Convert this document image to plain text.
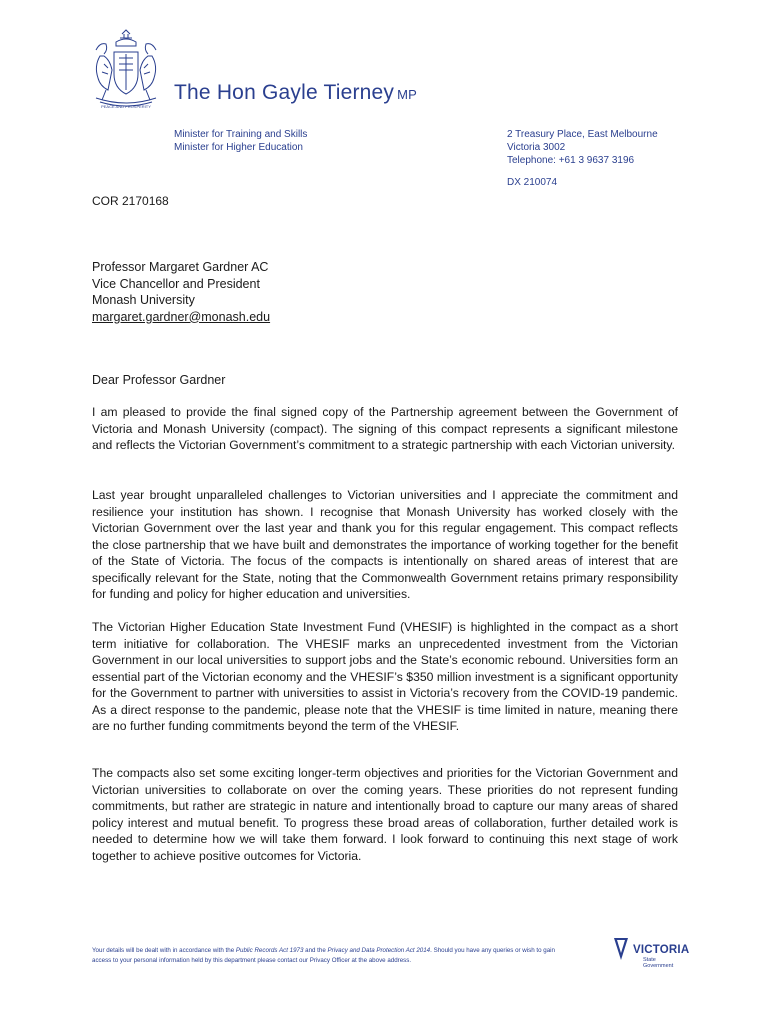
PEACE AND PROSPERITY
The Hon Gayle Tierney MP
Minister for Training and Skills
Minister for Higher Education
2 Treasury Place, East Melbourne
Victoria 3002
Telephone: +61 3 9637 3196
DX 210074
COR 2170168
Professor Margaret Gardner AC
Vice Chancellor and President
Monash University
margaret.gardner@monash.edu
Dear Professor Gardner

I am pleased to provide the final signed copy of the Partnership agreement between the Government of Victoria and Monash University (compact). The signing of this compact represents a significant milestone and reflects the Victorian Government’s commitment to a strategic partnership with each Victorian university.

Last year brought unparalleled challenges to Victorian universities and I appreciate the commitment and resilience your institution has shown. I recognise that Monash University has worked closely with the Victorian Government over the last year and thank you for this regular engagement. This compact reflects the close partnership that we have built and demonstrates the importance of working together for the benefit of the State of Victoria. The focus of the compacts is intentionally on shared areas of interest that are specifically relevant for the State, noting that the Commonwealth Government retains primary responsibility for funding and policy for higher education and universities.

The Victorian Higher Education State Investment Fund (VHESIF) is highlighted in the compact as a short term initiative for collaboration. The VHESIF marks an unprecedented investment from the Victorian Government in our local universities to support jobs and the State’s economic rebound. Universities form an essential part of the Victorian economy and the VHESIF’s $350 million investment is a significant opportunity for the Government to partner with universities to assist in Victoria’s recovery from the COVID-19 pandemic. As a direct response to the pandemic, please note that the VHESIF is time limited in nature, meaning there are no further funding commitments beyond the term of the VHESIF.

The compacts also set some exciting longer-term objectives and priorities for the Victorian Government and Victorian universities to collaborate on over the coming years. These priorities do not represent funding commitments, but rather are strategic in nature and intentionally broad to capture our many areas of shared policy interest and mutual benefit. To progress these broad areas of collaboration, further detailed work is needed to determine how we will take them forward. I look forward to continuing this next stage of work together to achieve positive outcomes for Victoria.

Your details will be dealt with in accordance with the Public Records Act 1973 and the Privacy and Data Protection Act 2014. Should you have any queries or wish to gain access to your personal information held by this department please contact our Privacy Officer at the above address.
VICTORIA
State
Government
